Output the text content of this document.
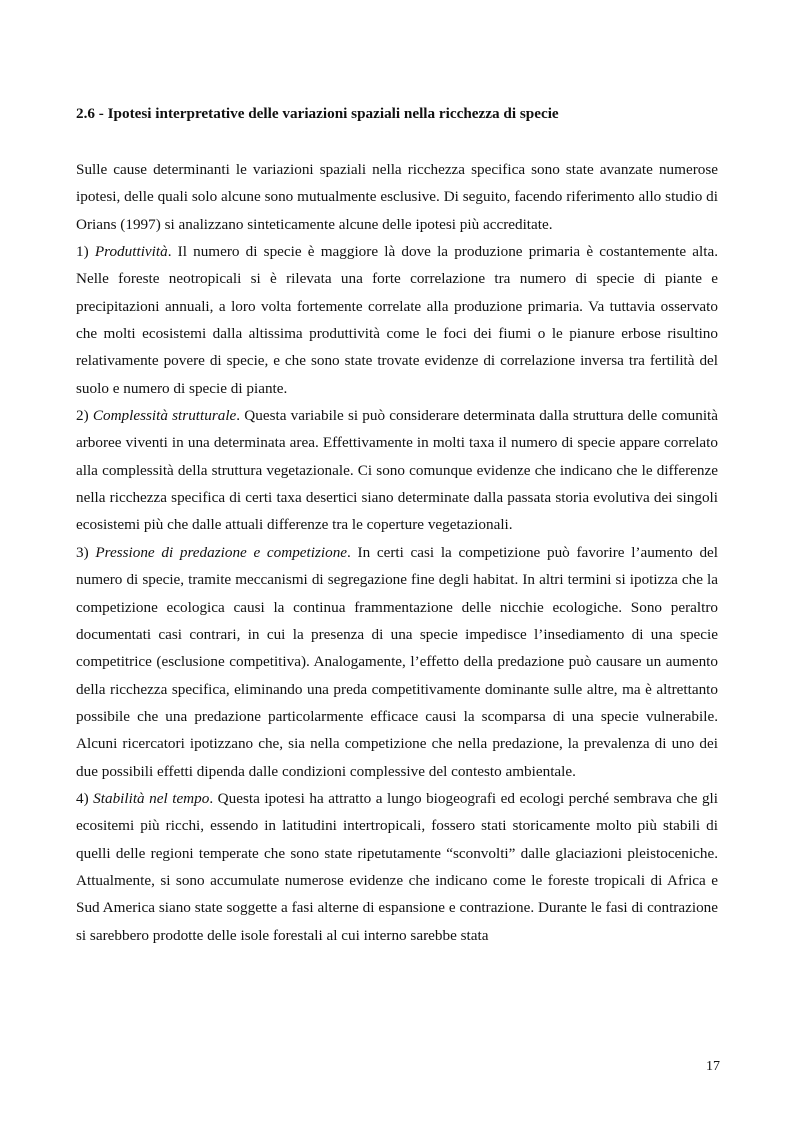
2.6 - Ipotesi interpretative delle variazioni spaziali nella ricchezza di specie

Sulle cause determinanti le variazioni spaziali nella ricchezza specifica sono state avanzate numerose ipotesi, delle quali solo alcune sono mutualmente esclusive. Di seguito, facendo riferimento allo studio di Orians (1997) si analizzano sinteticamente alcune delle ipotesi più accreditate.

1) Produttività. Il numero di specie è maggiore là dove la produzione primaria è costantemente alta. Nelle foreste neotropicali si è rilevata una forte correlazione tra numero di specie di piante e precipitazioni annuali, a loro volta fortemente correlate alla produzione primaria. Va tuttavia osservato che molti ecosistemi dalla altissima produttività come le foci dei fiumi o le pianure erbose risultino relativamente povere di specie, e che sono state trovate evidenze di correlazione inversa tra fertilità del suolo e numero di specie di piante.

2) Complessità strutturale. Questa variabile si può considerare determinata dalla struttura delle comunità arboree viventi in una determinata area. Effettivamente in molti taxa il numero di specie appare correlato alla complessità della struttura vegetazionale. Ci sono comunque evidenze che indicano che le differenze nella ricchezza specifica di certi taxa desertici siano determinate dalla passata storia evolutiva dei singoli ecosistemi più che dalle attuali differenze tra le coperture vegetazionali.

3) Pressione di predazione e competizione. In certi casi la competizione può favorire l’aumento del numero di specie, tramite meccanismi di segregazione fine degli habitat. In altri termini si ipotizza che la competizione ecologica causi la continua frammentazione delle nicchie ecologiche. Sono peraltro documentati casi contrari, in cui la presenza di una specie impedisce l’insediamento di una specie competitrice (esclusione competitiva). Analogamente, l’effetto della predazione può causare un aumento della ricchezza specifica, eliminando una preda competitivamente dominante sulle altre, ma è altrettanto possibile che una predazione particolarmente efficace causi la scomparsa di una specie vulnerabile. Alcuni ricercatori ipotizzano che, sia nella competizione che nella predazione, la prevalenza di uno dei due possibili effetti dipenda dalle condizioni complessive del contesto ambientale.

4) Stabilità nel tempo. Questa ipotesi ha attratto a lungo biogeografi ed ecologi perché sembrava che gli ecositemi più ricchi, essendo in latitudini intertropicali, fossero stati storicamente molto più stabili di quelli delle regioni temperate che sono state ripetutamente “sconvolti” dalle glaciazioni pleistoceniche. Attualmente, si sono accumulate numerose evidenze che indicano come le foreste tropicali di Africa e Sud America siano state soggette a fasi alterne di espansione e contrazione. Durante le fasi di contrazione si sarebbero prodotte delle isole forestali al cui interno sarebbe stata

17
